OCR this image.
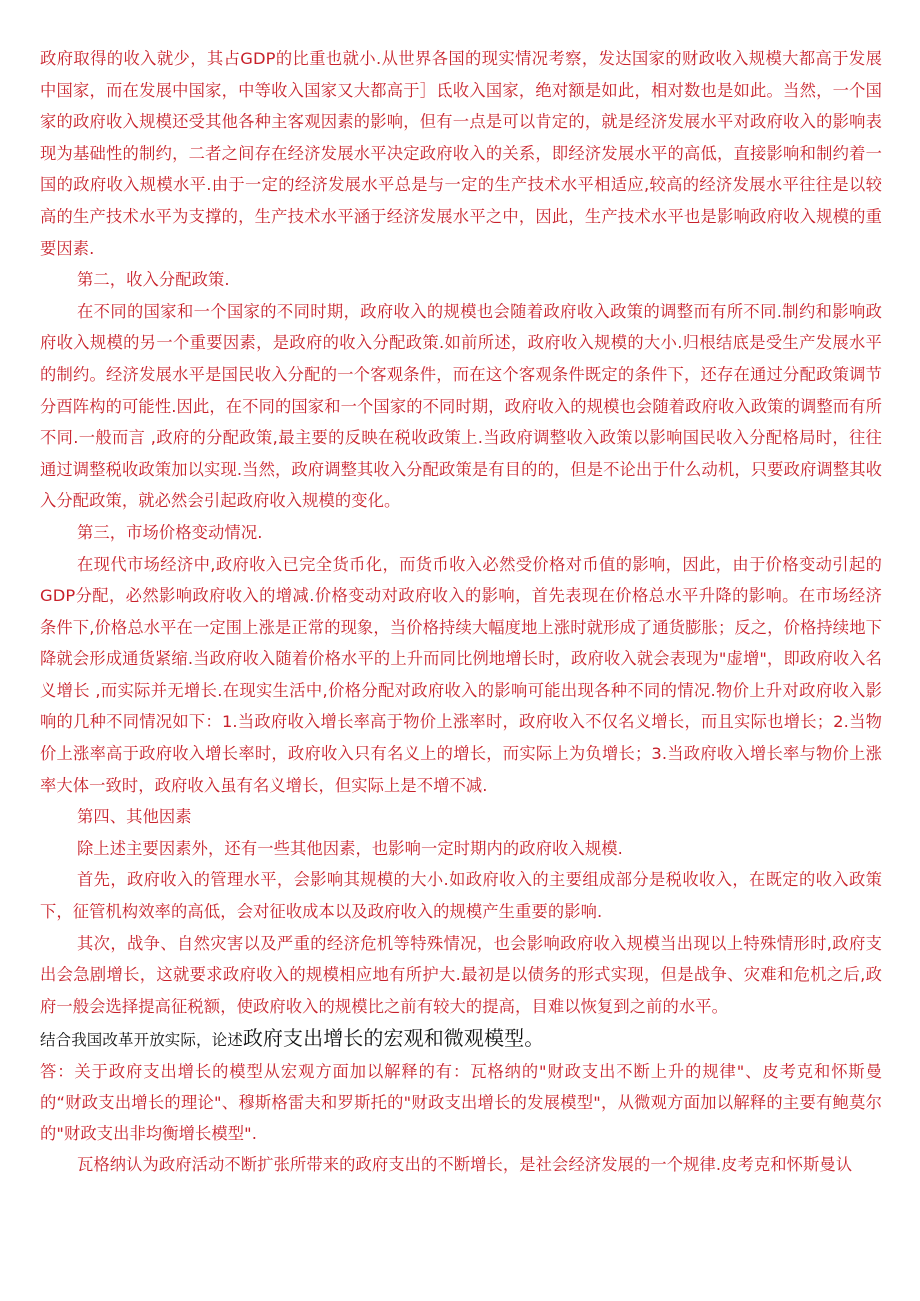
政府取得的收入就少，其占GDP的比重也就小.从世界各国的现实情况考察，发达国家的财政收入规模大都高于发展中国家，而在发展中国家，中等收入国家又大都高于］氐收入国家，绝对额是如此，相对数也是如此。当然，一个国家的政府收入规模还受其他各种主客观因素的影响，但有一点是可以肯定的，就是经济发展水平对政府收入的影响表现为基础性的制约，二者之间存在经济发展水平决定政府收入的关系，即经济发展水平的高低，直接影响和制约着一国的政府收入规模水平.由于一定的经济发展水平总是与一定的生产技术水平相适应,较高的经济发展水平往往是以较高的生产技术水平为支撑的，生产技术水平涵于经济发展水平之中，因此，生产技术水平也是影响政府收入规模的重要因素.

第二，收入分配政策.

在不同的国家和一个国家的不同时期，政府收入的规模也会随着政府收入政策的调整而有所不同.制约和影响政府收入规模的另一个重要因素，是政府的收入分配政策.如前所述，政府收入规模的大小.归根结底是受生产发展水平的制约。经济发展水平是国民收入分配的一个客观条件，而在这个客观条件既定的条件下，还存在通过分配政策调节分酉阵构的可能性.因此，在不同的国家和一个国家的不同时期，政府收入的规模也会随着政府收入政策的调整而有所不同.一般而言 ,政府的分配政策,最主要的反映在税收政策上.当政府调整收入政策以影响国民收入分配格局时，往往通过调整税收政策加以实现.当然，政府调整其收入分配政策是有目的的，但是不论出于什么动机，只要政府调整其收入分配政策，就必然会引起政府收入规模的变化。

第三，市场价格变动情况.

在现代市场经济中,政府收入已完全货币化，而货币收入必然受价格对币值的影响，因此，由于价格变动引起的GDP分配，必然影响政府收入的增减.价格变动对政府收入的影响，首先表现在价格总水平升降的影响。在市场经济条件下,价格总水平在一定围上涨是正常的现象，当价格持续大幅度地上涨时就形成了通货膨胀；反之，价格持续地下降就会形成通货紧缩.当政府收入随着价格水平的上升而同比例地增长时，政府收入就会表现为"虚增"，即政府收入名义增长 ,而实际并无增长.在现实生活中,价格分配对政府收入的影响可能出现各种不同的情况.物价上升对政府收入影响的几种不同情况如下：1.当政府收入增长率高于物价上涨率时，政府收入不仅名义增长，而且实际也增长；2.当物价上涨率高于政府收入增长率时，政府收入只有名义上的增长，而实际上为负增长；3.当政府收入增长率与物价上涨率大体一致时，政府收入虽有名义增长，但实际上是不增不减.

第四、其他因素

除上述主要因素外，还有一些其他因素，也影响一定时期内的政府收入规模.

首先，政府收入的管理水平，会影响其规模的大小.如政府收入的主要组成部分是税收收入，在既定的收入政策下，征管机构效率的高低，会对征收成本以及政府收入的规模产生重要的影响.

其次，战争、自然灾害以及严重的经济危机等特殊情况，也会影响政府收入规模当出现以上特殊情形时,政府支出会急剧增长，这就要求政府收入的规模相应地有所护大.最初是以债务的形式实现，但是战争、灾难和危机之后,政府一般会选择提高征税额，使政府收入的规模比之前有较大的提高，目难以恢复到之前的水平。

结合我国改革开放实际，论述政府支出增长的宏观和微观模型。

答：关于政府支出增长的模型从宏观方面加以解释的有：瓦格纳的"财政支出不断上升的规律"、皮考克和怀斯曼的“财政支出增长的理论"、穆斯格雷夫和罗斯托的"财政支出增长的发展模型"，从微观方面加以解释的主要有鲍莫尔的"财政支出非均衡增长模型".

瓦格纳认为政府活动不断扩张所带来的政府支出的不断增长，是社会经济发展的一个规律.皮考克和怀斯曼认
